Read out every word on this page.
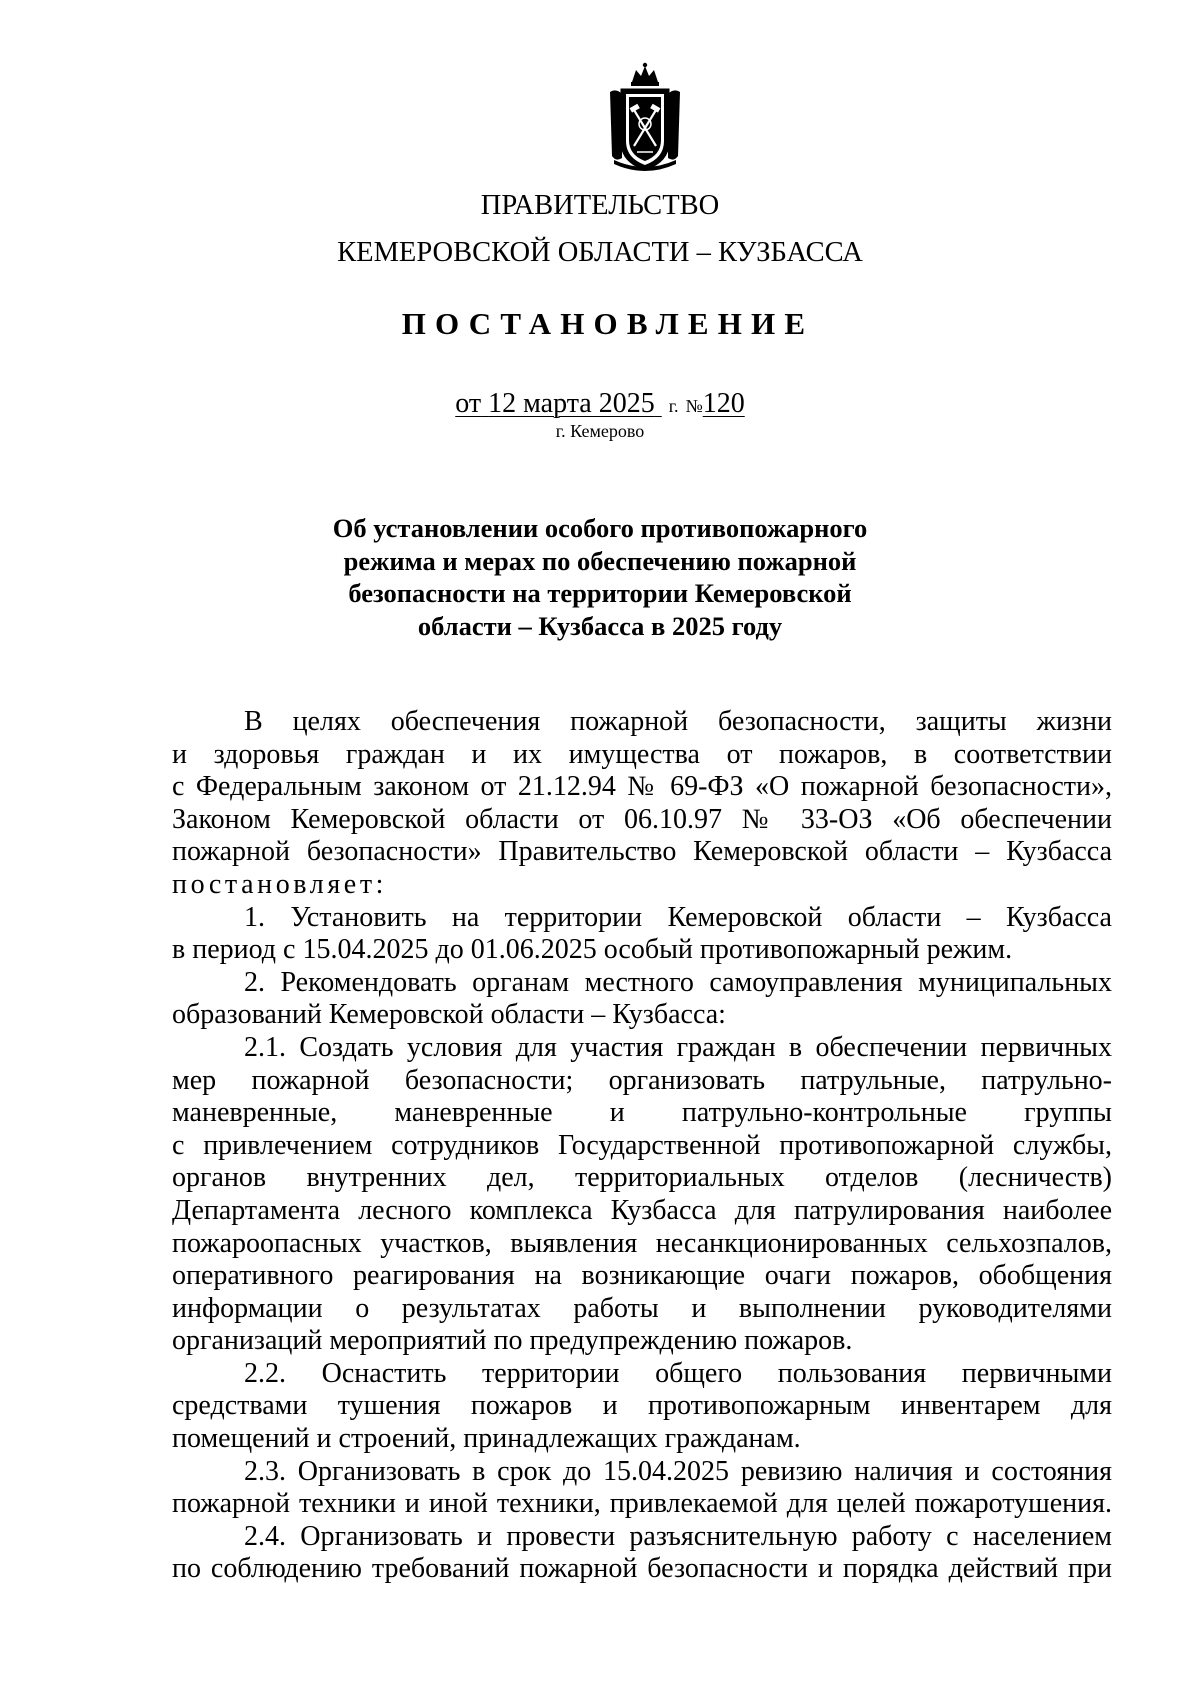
ПРАВИТЕЛЬСТВО
КЕМЕРОВСКОЙ ОБЛАСТИ – КУЗБАССА
ПОСТАНОВЛЕНИЕ
от 12 марта 2025 г. №120
г. Кемерово
Об установлении особого противопожарного
режима и мерах по обеспечению пожарной
безопасности на территории Кемеровской
области – Кузбасса в 2025 году
В целях обеспечения пожарной безопасности, защиты жизни
и здоровья граждан и их имущества от пожаров, в соответствии
с Федеральным законом от 21.12.94 № 69-ФЗ «О пожарной безопасности»,
Законом Кемеровской области от 06.10.97 № 33-ОЗ «Об обеспечении
пожарной безопасности» Правительство Кемеровской области – Кузбасса
постановляет:
1. Установить на территории Кемеровской области – Кузбасса
в период с 15.04.2025 до 01.06.2025 особый противопожарный режим.
2. Рекомендовать органам местного самоуправления муниципальных
образований Кемеровской области – Кузбасса:
2.1. Создать условия для участия граждан в обеспечении первичных
мер пожарной безопасности; организовать патрульные, патрульно-
маневренные, маневренные и патрульно-контрольные группы
с привлечением сотрудников Государственной противопожарной службы,
органов внутренних дел, территориальных отделов (лесничеств)
Департамента лесного комплекса Кузбасса для патрулирования наиболее
пожароопасных участков, выявления несанкционированных сельхозпалов,
оперативного реагирования на возникающие очаги пожаров, обобщения
информации о результатах работы и выполнении руководителями
организаций мероприятий по предупреждению пожаров.
2.2. Оснастить территории общего пользования первичными
средствами тушения пожаров и противопожарным инвентарем для
помещений и строений, принадлежащих гражданам.
2.3. Организовать в срок до 15.04.2025 ревизию наличия и состояния
пожарной техники и иной техники, привлекаемой для целей пожаротушения.
2.4. Организовать и провести разъяснительную работу с населением
по соблюдению требований пожарной безопасности и порядка действий при
